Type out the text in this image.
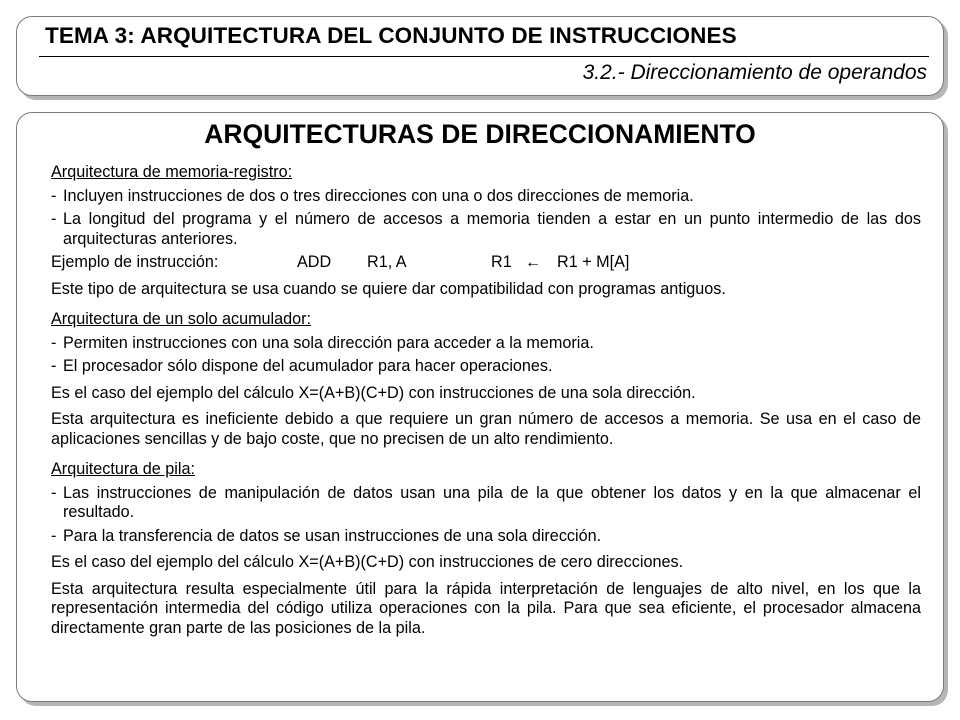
TEMA 3: ARQUITECTURA DEL CONJUNTO DE INSTRUCCIONES
3.2.- Direccionamiento de operandos
ARQUITECTURAS DE DIRECCIONAMIENTO
Arquitectura de memoria-registro:
- Incluyen instrucciones de dos o tres direcciones con una o dos direcciones de memoria.
- La longitud del programa y el número de accesos a memoria tienden a estar en un punto intermedio de las dos arquitecturas anteriores.
Ejemplo de instrucción:	ADD R1, A	R1 ← R1 + M[A]
Este tipo de arquitectura se usa cuando se quiere dar compatibilidad con programas antiguos.
Arquitectura de un solo acumulador:
- Permiten instrucciones con una sola dirección para acceder a la memoria.
- El procesador sólo dispone del acumulador para hacer operaciones.
Es el caso del ejemplo del cálculo X=(A+B)(C+D) con instrucciones de una sola dirección.
Esta arquitectura es ineficiente debido a que requiere un gran número de accesos a memoria. Se usa en el caso de aplicaciones sencillas y de bajo coste, que no precisen de un alto rendimiento.
Arquitectura de pila:
- Las instrucciones de manipulación de datos usan una pila de la que obtener los datos y en la que almacenar el resultado.
- Para la transferencia de datos se usan instrucciones de una sola dirección.
Es el caso del ejemplo del cálculo X=(A+B)(C+D) con instrucciones de cero direcciones.
Esta arquitectura resulta especialmente útil para la rápida interpretación de lenguajes de alto nivel, en los que la representación intermedia del código utiliza operaciones con la pila. Para que sea eficiente, el procesador almacena directamente gran parte de las posiciones de la pila.
